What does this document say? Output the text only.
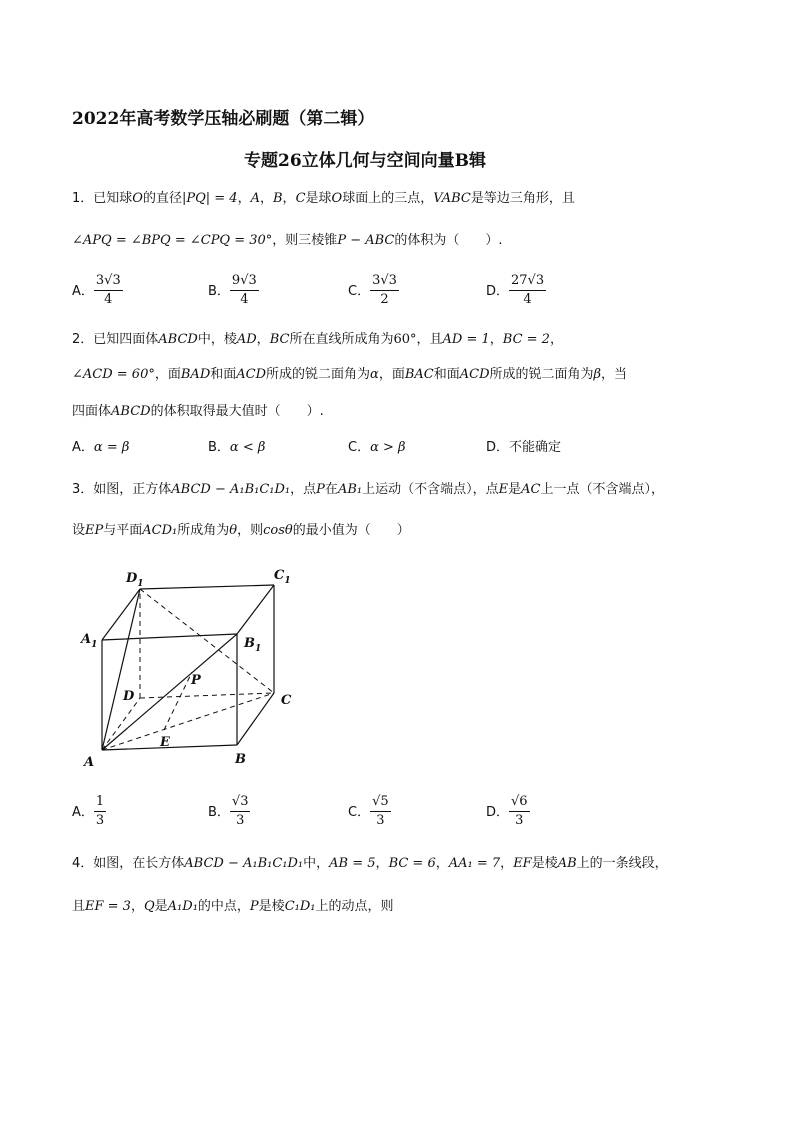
2022年高考数学压轴必刷题（第二辑）
专题26立体几何与空间向量B辑
1．已知球O的直径|PQ| = 4，A，B，C是球O球面上的三点，VABC是等边三角形，且
∠APQ = ∠BPQ = ∠CPQ = 30°，则三棱锥P − ABC的体积为（　　）.
A． $\frac{3√3}{4}$	B． $\frac{9√3}{4}$	C． $\frac{3√3}{2}$	D． $\frac{27√3}{4}$
2．已知四面体ABCD中，棱AD，BC所在直线所成角为60°，且AD = 1，BC = 2，
∠ACD = 60°，面BAD和面ACD所成的锐二面角为α，面BAC和面ACD所成的锐二面角为β，当
四面体ABCD的体积取得最大值时（　　）.
A．α = β	B．α < β	C．α > β	D．不能确定
3．如图，正方体ABCD − A₁B₁C₁D₁，点P在AB₁上运动（不含端点），点E是AC上一点（不含端点），
设EP与平面ACD₁所成角为θ，则cosθ的最小值为（　　）
$D_1$
$C_1$
$A_1$	$B_1$
D	C
P
E
A	B
A． $\frac{1}{3}$	B． $\frac{√3}{3}$	C． $\frac{√5}{3}$	D． $\frac{√6}{3}$
4．如图，在长方体ABCD − A₁B₁C₁D₁中，AB = 5，BC = 6，AA₁ = 7，EF是棱AB上的一条线段，
且EF = 3，Q是A₁D₁的中点，P是棱C₁D₁上的动点，则
